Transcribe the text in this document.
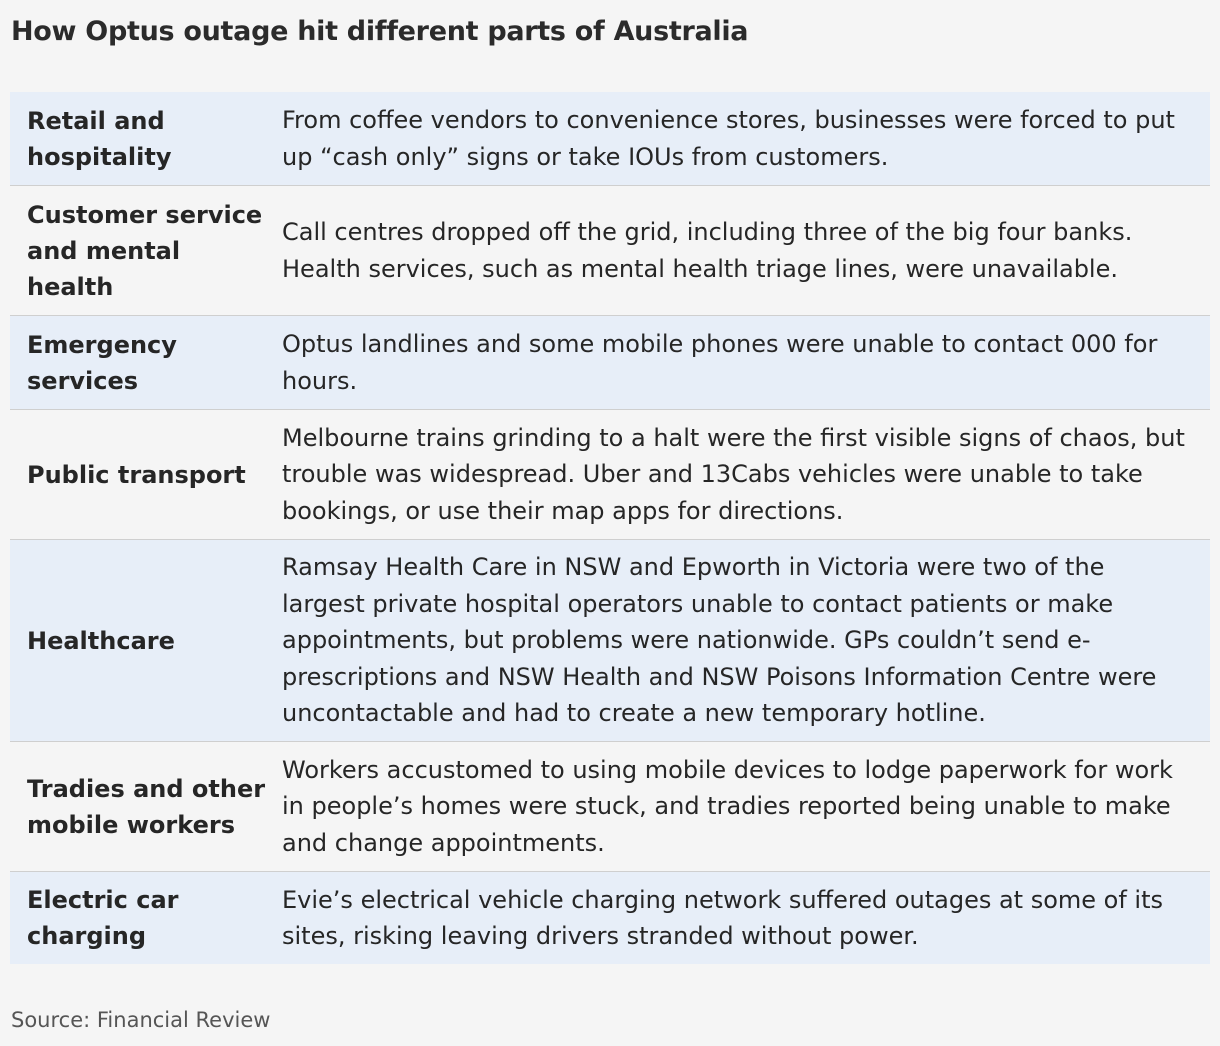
How Optus outage hit different parts of Australia
Retail and hospitality
From coffee vendors to convenience stores, businesses were forced to put up “cash only” signs or take IOUs from customers.
Customer service and mental health
Call centres dropped off the grid, including three of the big four banks. Health services, such as mental health triage lines, were unavailable.
Emergency services
Optus landlines and some mobile phones were unable to contact 000 for hours.
Public transport
Melbourne trains grinding to a halt were the first visible signs of chaos, but trouble was widespread. Uber and 13Cabs vehicles were unable to take bookings, or use their map apps for directions.
Healthcare
Ramsay Health Care in NSW and Epworth in Victoria were two of the largest private hospital operators unable to contact patients or make appointments, but problems were nationwide. GPs couldn’t send e-prescriptions and NSW Health and NSW Poisons Information Centre were uncontactable and had to create a new temporary hotline.
Tradies and other mobile workers
Workers accustomed to using mobile devices to lodge paperwork for work in people’s homes were stuck, and tradies reported being unable to make and change appointments.
Electric car charging
Evie’s electrical vehicle charging network suffered outages at some of its sites, risking leaving drivers stranded without power.
Source: Financial Review
